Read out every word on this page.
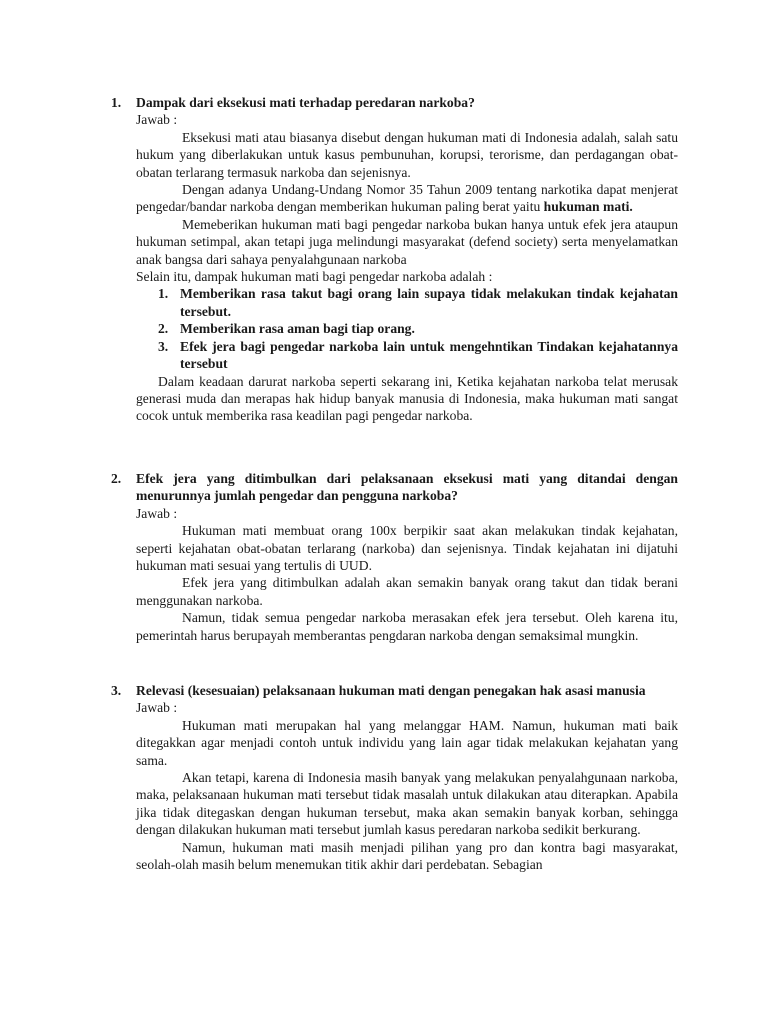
1. Dampak dari eksekusi mati terhadap peredaran narkoba?
Jawab :
Eksekusi mati atau biasanya disebut dengan hukuman mati di Indonesia adalah, salah satu hukum yang diberlakukan untuk kasus pembunuhan, korupsi, terorisme, dan perdagangan obat-obatan terlarang termasuk narkoba dan sejenisnya.
Dengan adanya Undang-Undang Nomor 35 Tahun 2009 tentang narkotika dapat menjerat pengedar/bandar narkoba dengan memberikan hukuman paling berat yaitu hukuman mati.
Memeberikan hukuman mati bagi pengedar narkoba bukan hanya untuk efek jera ataupun hukuman setimpal, akan tetapi juga melindungi masyarakat (defend society) serta menyelamatkan anak bangsa dari sahaya penyalahgunaan narkoba
Selain itu, dampak hukuman mati bagi pengedar narkoba adalah :
1. Memberikan rasa takut bagi orang lain supaya tidak melakukan tindak kejahatan tersebut.
2. Memberikan rasa aman bagi tiap orang.
3. Efek jera bagi pengedar narkoba lain untuk mengehntikan Tindakan kejahatannya tersebut
Dalam keadaan darurat narkoba seperti sekarang ini, Ketika kejahatan narkoba telat merusak generasi muda dan merapas hak hidup banyak manusia di Indonesia, maka hukuman mati sangat cocok untuk memberika rasa keadilan pagi pengedar narkoba.
2. Efek jera yang ditimbulkan dari pelaksanaan eksekusi mati yang ditandai dengan menurunnya jumlah pengedar dan pengguna narkoba?
Jawab :
Hukuman mati membuat orang 100x berpikir saat akan melakukan tindak kejahatan, seperti kejahatan obat-obatan terlarang (narkoba) dan sejenisnya. Tindak kejahatan ini dijatuhi hukuman mati sesuai yang tertulis di UUD.
Efek jera yang ditimbulkan adalah akan semakin banyak orang takut dan tidak berani menggunakan narkoba.
Namun, tidak semua pengedar narkoba merasakan efek jera tersebut. Oleh karena itu, pemerintah harus berupayah memberantas pengdaran narkoba dengan semaksimal mungkin.
3. Relevasi (kesesuaian) pelaksanaan hukuman mati dengan penegakan hak asasi manusia
Jawab :
Hukuman mati merupakan hal yang melanggar HAM. Namun, hukuman mati baik ditegakkan agar menjadi contoh untuk individu yang lain agar tidak melakukan kejahatan yang sama.
Akan tetapi, karena di Indonesia masih banyak yang melakukan penyalahgunaan narkoba, maka, pelaksanaan hukuman mati tersebut tidak masalah untuk dilakukan atau diterapkan. Apabila jika tidak ditegaskan dengan hukuman tersebut, maka akan semakin banyak korban, sehingga dengan dilakukan hukuman mati tersebut jumlah kasus peredaran narkoba sedikit berkurang.
Namun, hukuman mati masih menjadi pilihan yang pro dan kontra bagi masyarakat, seolah-olah masih belum menemukan titik akhir dari perdebatan. Sebagian
